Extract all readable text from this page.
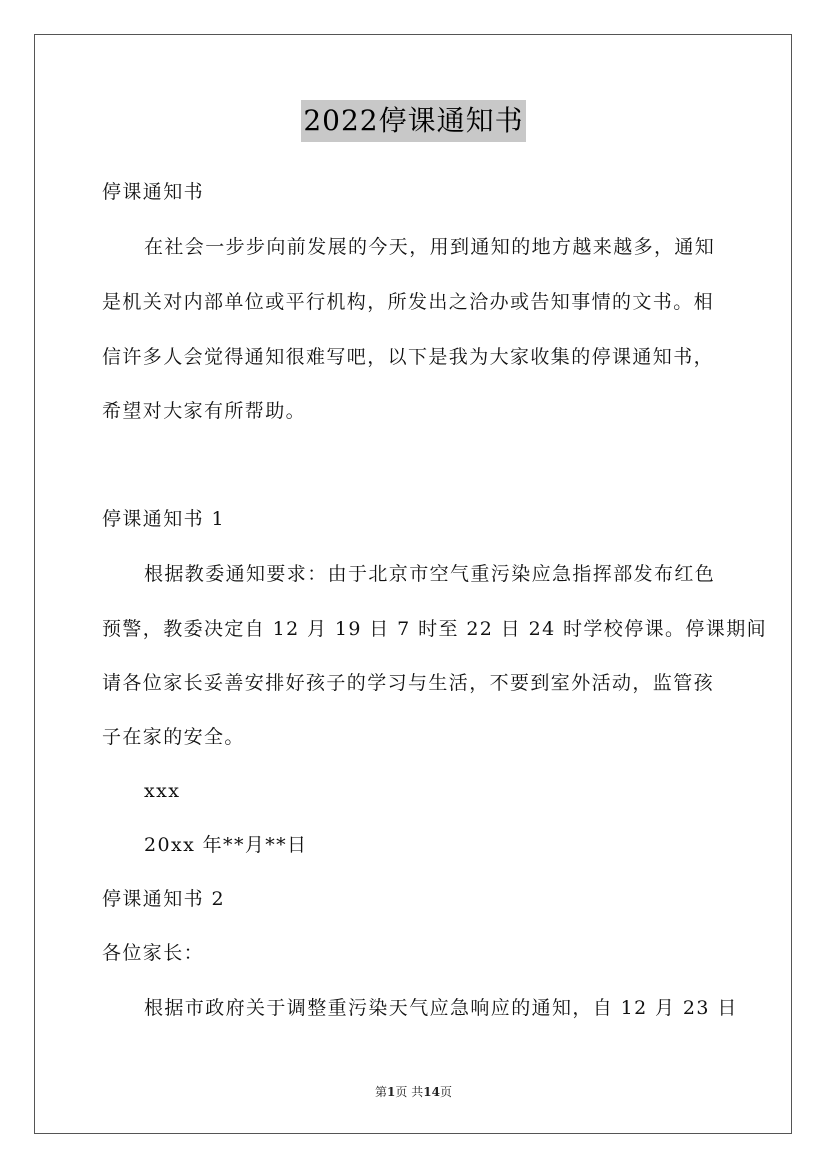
2022停课通知书
停课通知书
在社会一步步向前发展的今天，用到通知的地方越来越多，通知
是机关对内部单位或平行机构，所发出之洽办或告知事情的文书。相
信许多人会觉得通知很难写吧，以下是我为大家收集的停课通知书，
希望对大家有所帮助。
停课通知书 1
根据教委通知要求：由于北京市空气重污染应急指挥部发布红色
预警，教委决定自 12 月 19 日 7 时至 22 日 24 时学校停课。停课期间
请各位家长妥善安排好孩子的学习与生活，不要到室外活动，监管孩
子在家的安全。
xxx
20xx 年**月**日
停课通知书 2
各位家长：
根据市政府关于调整重污染天气应急响应的通知，自 12 月 23 日
第1页 共14页
